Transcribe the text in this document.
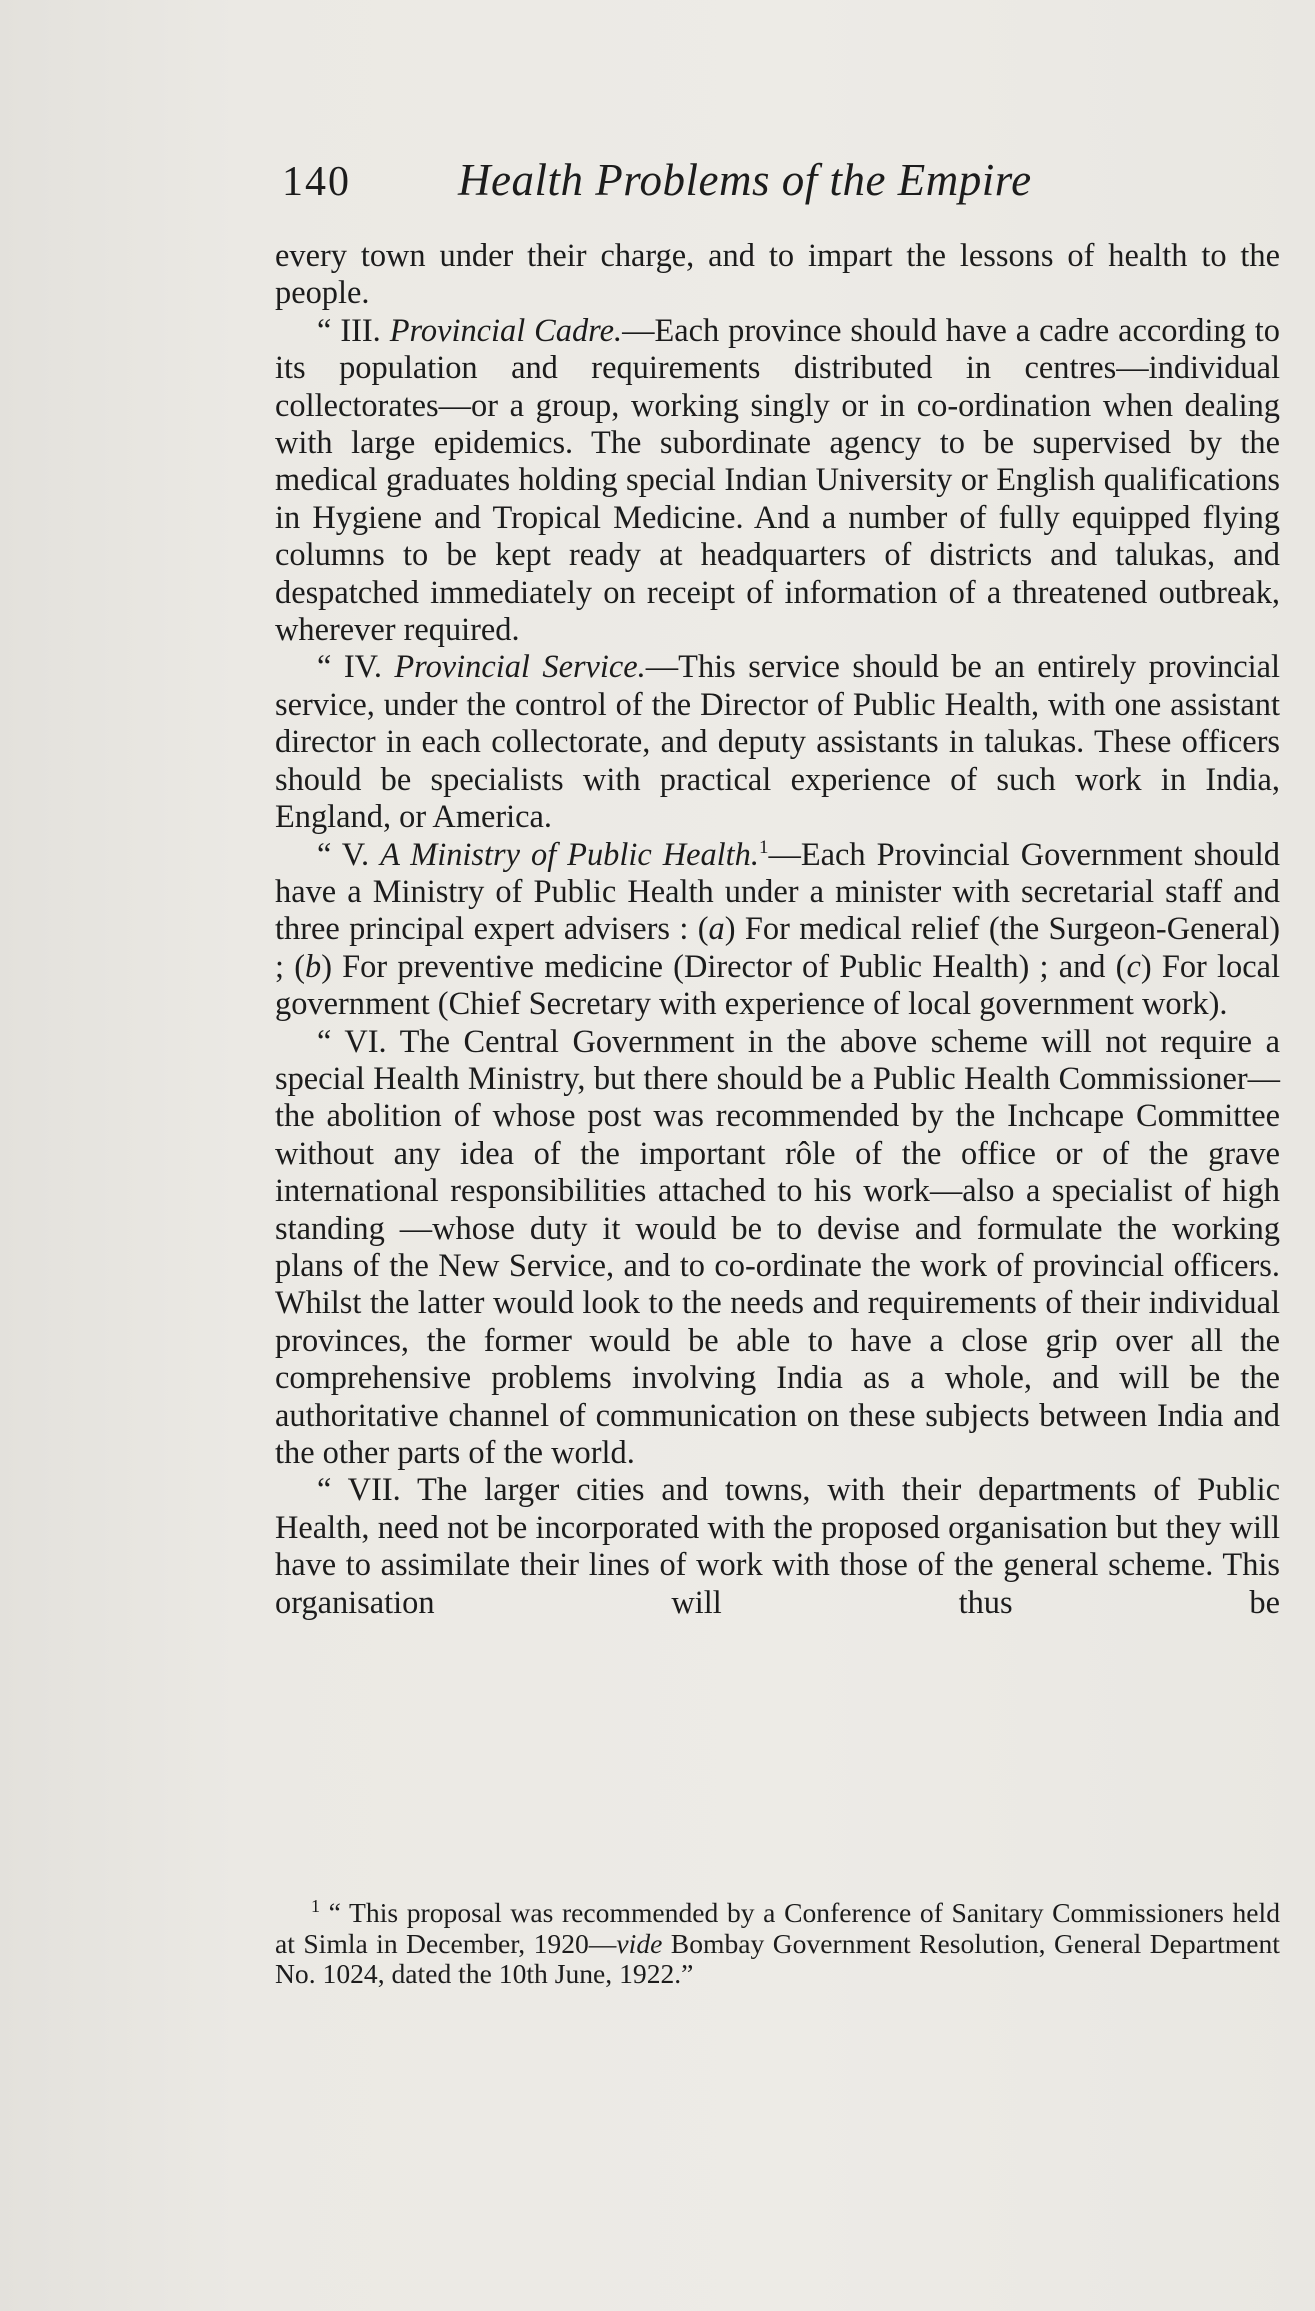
140 Health Problems of the Empire

every town under their charge, and to impart the lessons of health to the people.

“ III. Provincial Cadre.—Each province should have a cadre according to its population and requirements distributed in centres—individual collectorates—or a group, working singly or in co-ordination when dealing with large epidemics. The subordinate agency to be supervised by the medical graduates holding special Indian University or English qualifications in Hygiene and Tropical Medicine. And a number of fully equipped flying columns to be kept ready at headquarters of districts and talukas, and despatched immediately on receipt of information of a threatened outbreak, wherever required.

“ IV. Provincial Service.—This service should be an entirely provincial service, under the control of the Director of Public Health, with one assistant director in each collectorate, and deputy assistants in talukas. These officers should be specialists with practical experience of such work in India, England, or America.

“ V. A Ministry of Public Health.$^1$—Each Provincial Government should have a Ministry of Public Health under a minister with secretarial staff and three principal expert advisers : (a) For medical relief (the Surgeon-General) ; (b) For preventive medicine (Director of Public Health) ; and (c) For local government (Chief Secretary with experience of local government work).

“ VI. The Central Government in the above scheme will not require a special Health Ministry, but there should be a Public Health Commissioner—the abolition of whose post was recommended by the Inchcape Committee without any idea of the important rôle of the office or of the grave international responsibilities attached to his work—also a specialist of high standing —whose duty it would be to devise and formulate the working plans of the New Service, and to co-ordinate the work of provincial officers. Whilst the latter would look to the needs and requirements of their individual provinces, the former would be able to have a close grip over all the comprehensive problems involving India as a whole, and will be the authoritative channel of communication on these subjects between India and the other parts of the world.

“ VII. The larger cities and towns, with their departments of Public Health, need not be incorporated with the proposed organisation but they will have to assimilate their lines of work with those of the general scheme. This organisation will thus be

$^1$ “ This proposal was recommended by a Conference of Sanitary Commissioners held at Simla in December, 1920—vide Bombay Government Resolution, General Department No. 1024, dated the 10th June, 1922.”
